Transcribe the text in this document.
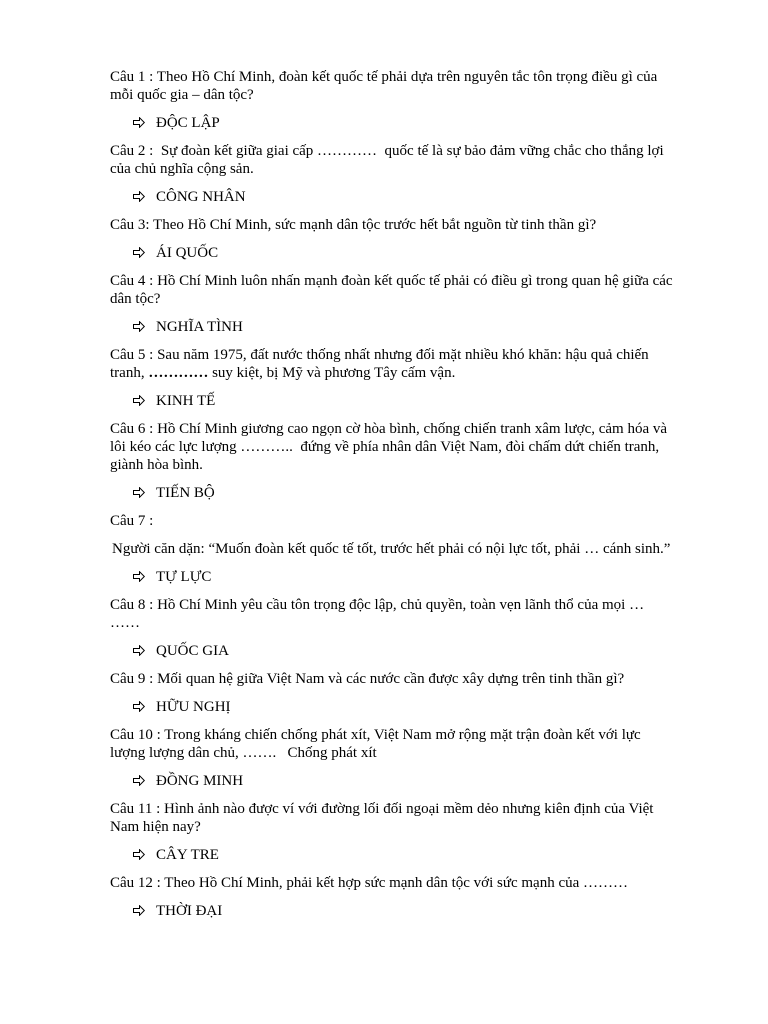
Câu 1 : Theo Hồ Chí Minh, đoàn kết quốc tế phải dựa trên nguyên tắc tôn trọng điều gì của
mỗi quốc gia – dân tộc?
ĐỘC LẬP
Câu 2 :  Sự đoàn kết giữa giai cấp …………  quốc tế là sự bảo đảm vững chắc cho thắng lợi
của chủ nghĩa cộng sản.
CÔNG NHÂN
Câu 3: Theo Hồ Chí Minh, sức mạnh dân tộc trước hết bắt nguồn từ tinh thần gì?
ÁI QUỐC
Câu 4 : Hồ Chí Minh luôn nhấn mạnh đoàn kết quốc tế phải có điều gì trong quan hệ giữa các
dân tộc?
NGHĨA TÌNH
Câu 5 : Sau năm 1975, đất nước thống nhất nhưng đối mặt nhiều khó khăn: hậu quả chiến
tranh, ………… suy kiệt, bị Mỹ và phương Tây cấm vận.
KINH TẾ
Câu 6 : Hồ Chí Minh giương cao ngọn cờ hòa bình, chống chiến tranh xâm lược, cảm hóa và
lôi kéo các lực lượng ………..  đứng về phía nhân dân Việt Nam, đòi chấm dứt chiến tranh,
giành hòa bình.
TIẾN BỘ
Câu 7 :
Người căn dặn: “Muốn đoàn kết quốc tế tốt, trước hết phải có nội lực tốt, phải … cánh sinh.”
TỰ LỰC
Câu 8 : Hồ Chí Minh yêu cầu tôn trọng độc lập, chủ quyền, toàn vẹn lãnh thổ của mọi …
……
QUỐC GIA
Câu 9 : Mối quan hệ giữa Việt Nam và các nước cần được xây dựng trên tinh thần gì?
HỮU NGHỊ
Câu 10 : Trong kháng chiến chống phát xít, Việt Nam mở rộng mặt trận đoàn kết với lực
lượng lượng dân chủ, …….   Chống phát xít
ĐỒNG MINH
Câu 11 : Hình ảnh nào được ví với đường lối đối ngoại mềm dẻo nhưng kiên định của Việt
Nam hiện nay?
CÂY TRE
Câu 12 : Theo Hồ Chí Minh, phải kết hợp sức mạnh dân tộc với sức mạnh của ………
THỜI ĐẠI
